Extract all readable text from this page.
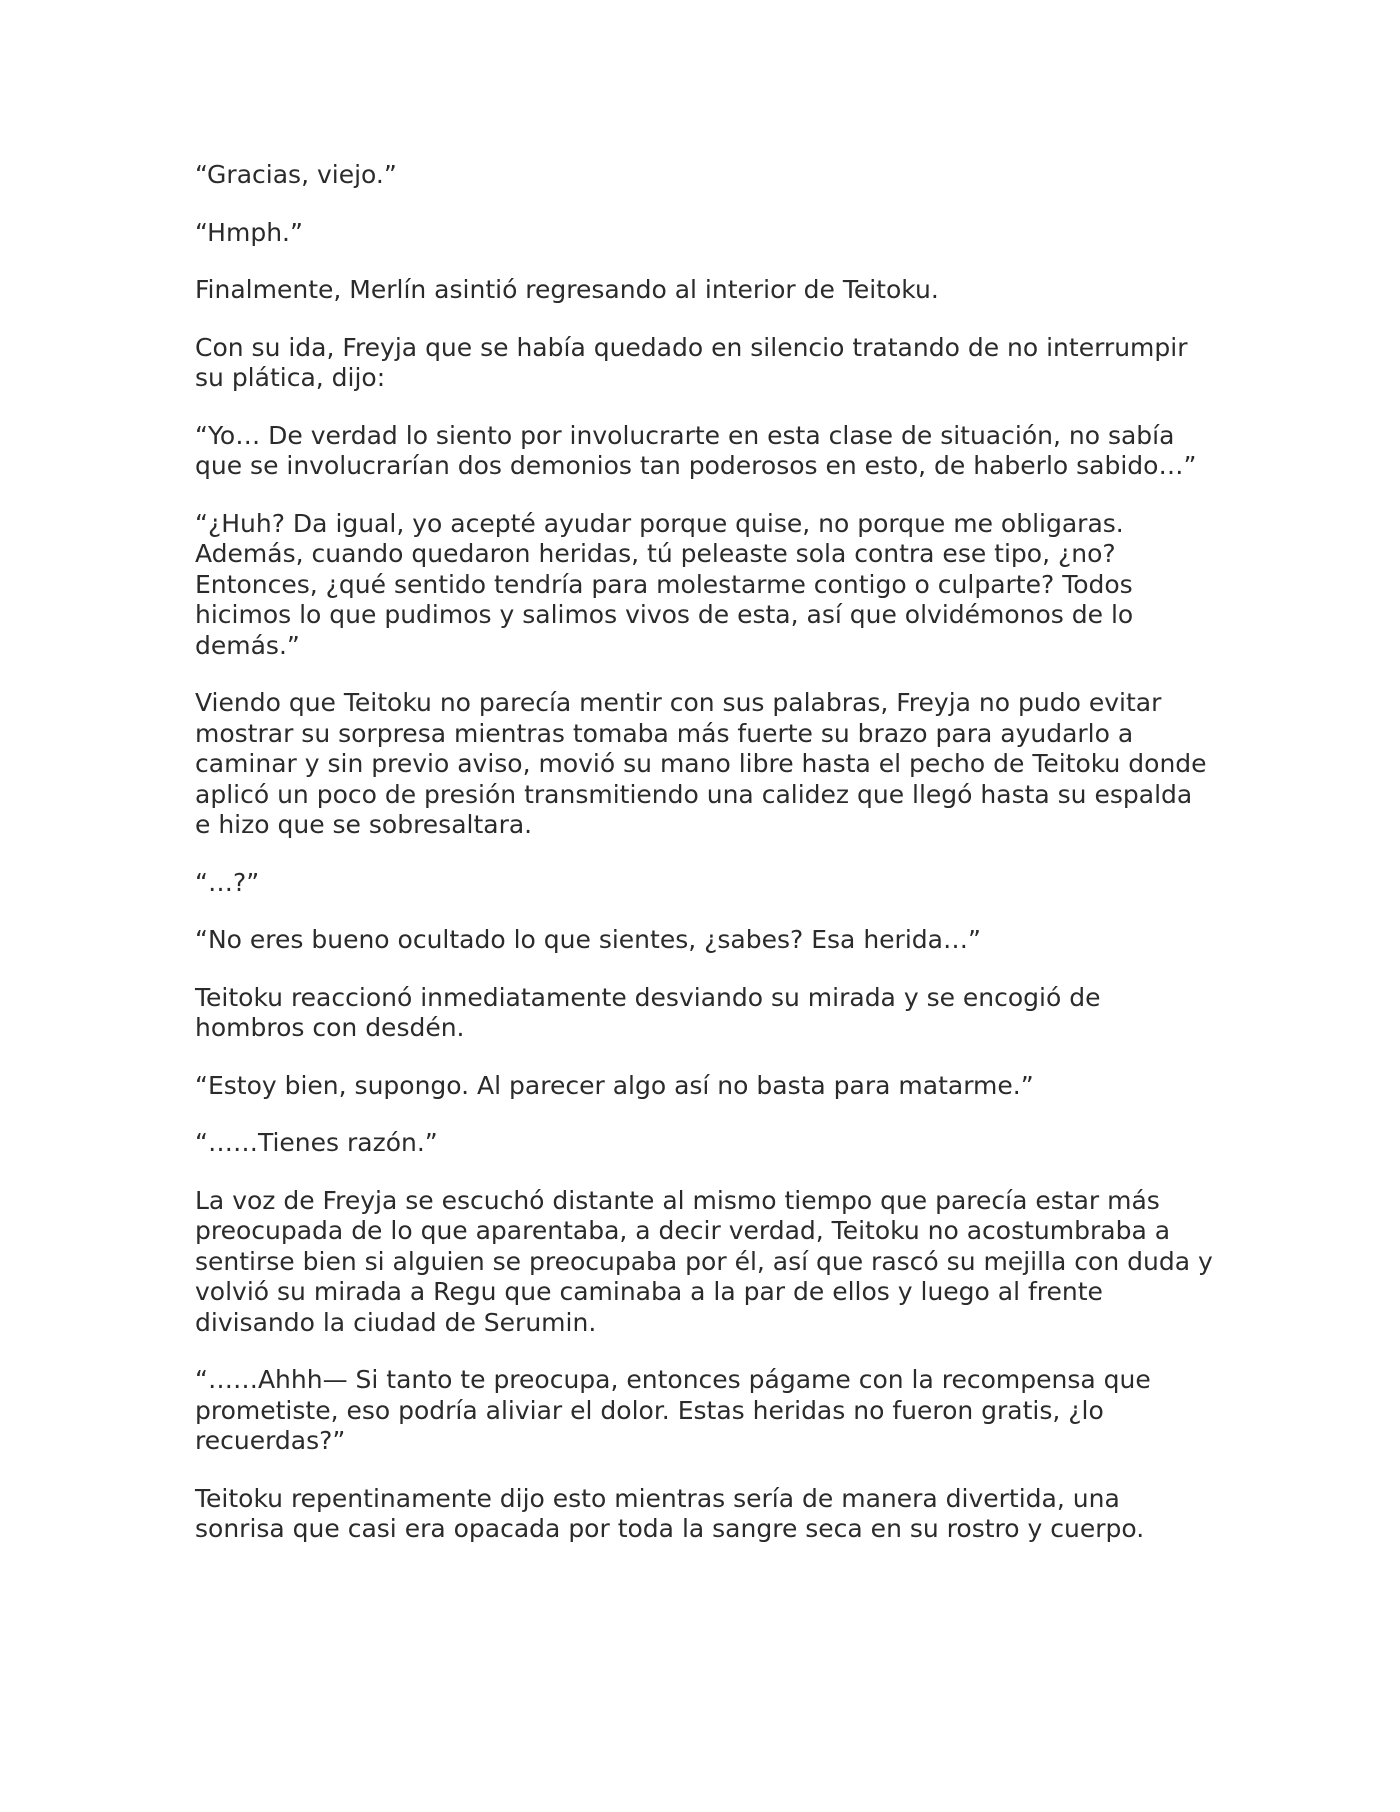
“Gracias, viejo.”

“Hmph.”

Finalmente, Merlín asintió regresando al interior de Teitoku.

Con su ida, Freyja que se había quedado en silencio tratando de no interrumpir su plática, dijo:

“Yo… De verdad lo siento por involucrarte en esta clase de situación, no sabía que se involucrarían dos demonios tan poderosos en esto, de haberlo sabido…”

“¿Huh? Da igual, yo acepté ayudar porque quise, no porque me obligaras. Además, cuando quedaron heridas, tú peleaste sola contra ese tipo, ¿no? Entonces, ¿qué sentido tendría para molestarme contigo o culparte? Todos hicimos lo que pudimos y salimos vivos de esta, así que olvidémonos de lo demás.”

Viendo que Teitoku no parecía mentir con sus palabras, Freyja no pudo evitar mostrar su sorpresa mientras tomaba más fuerte su brazo para ayudarlo a caminar y sin previo aviso, movió su mano libre hasta el pecho de Teitoku donde aplicó un poco de presión transmitiendo una calidez que llegó hasta su espalda e hizo que se sobresaltara.

“…?”

“No eres bueno ocultado lo que sientes, ¿sabes? Esa herida…”

Teitoku reaccionó inmediatamente desviando su mirada y se encogió de hombros con desdén.

“Estoy bien, supongo. Al parecer algo así no basta para matarme.”

“……Tienes razón.”

La voz de Freyja se escuchó distante al mismo tiempo que parecía estar más preocupada de lo que aparentaba, a decir verdad, Teitoku no acostumbraba a sentirse bien si alguien se preocupaba por él, así que rascó su mejilla con duda y volvió su mirada a Regu que caminaba a la par de ellos y luego al frente divisando la ciudad de Serumin.

“……Ahhh— Si tanto te preocupa, entonces págame con la recompensa que prometiste, eso podría aliviar el dolor. Estas heridas no fueron gratis, ¿lo recuerdas?”

Teitoku repentinamente dijo esto mientras sería de manera divertida, una sonrisa que casi era opacada por toda la sangre seca en su rostro y cuerpo.
